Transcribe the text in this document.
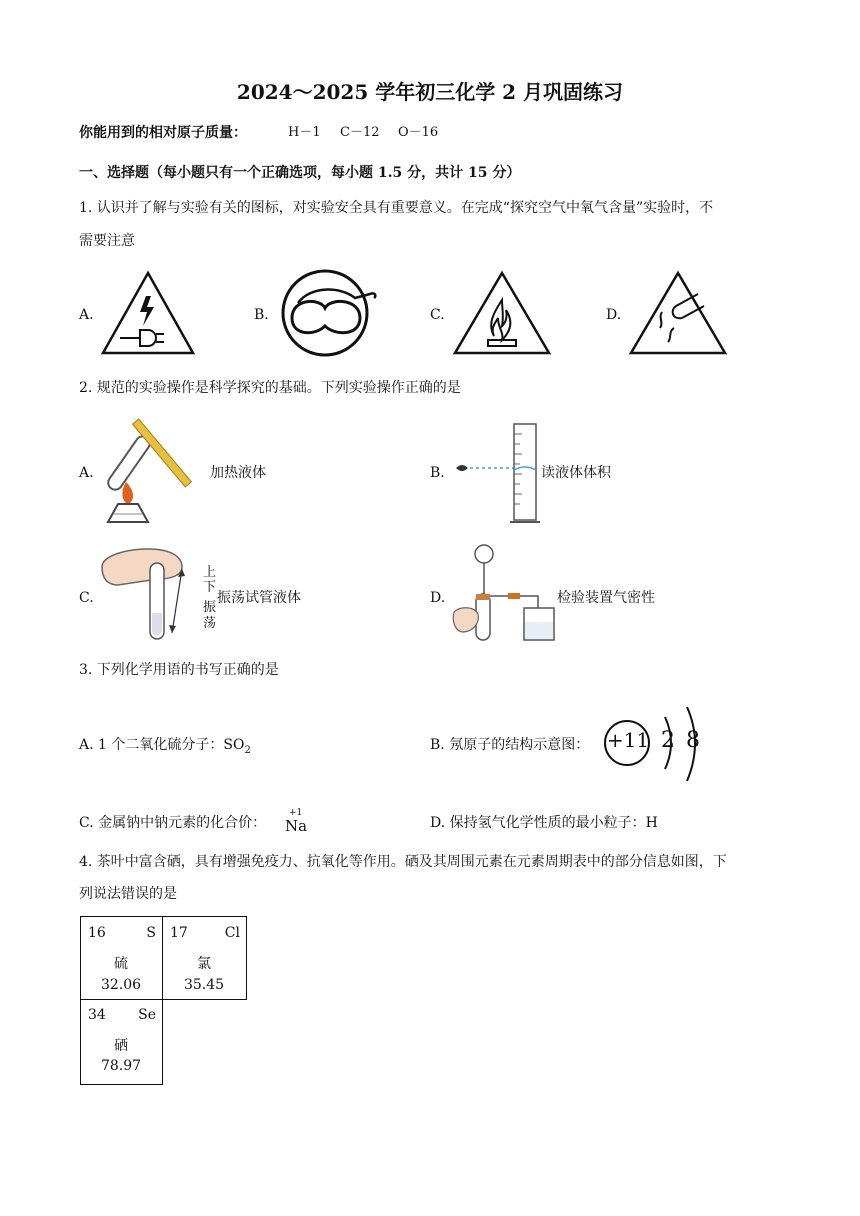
2024～2025 学年初三化学 2 月巩固练习
你能用到的相对原子质量：	H－1 C－12 O－16
一、选择题（每小题只有一个正确选项，每小题 1.5 分，共计 15 分）
1. 认识并了解与实验有关的图标，对实验安全具有重要意义。在完成“探究空气中氧气含量”实验时，不
需要注意
A.	B.	C.	D.
2. 规范的实验操作是科学探究的基础。下列实验操作正确的是
A.	加热液体	B.	读液体体积
C.
上
下
振
荡
振荡试管液体	D.	检验装置气密性
3. 下列化学用语的书写正确的是
A. 1 个二氧化硫分子：$SO_2$	B. 氖原子的结构示意图： +11 2 8
C. 金属钠中钠元素的化合价：
+1
Na	D. 保持氢气化学性质的最小粒子：H
4. 茶叶中富含硒，具有增强免疫力、抗氧化等作用。硒及其周围元素在元素周期表中的部分信息如图，下
列说法错误的是
16	S
硫
32.06
17	Cl
氯
35.45
34 Se
硒
78.97
